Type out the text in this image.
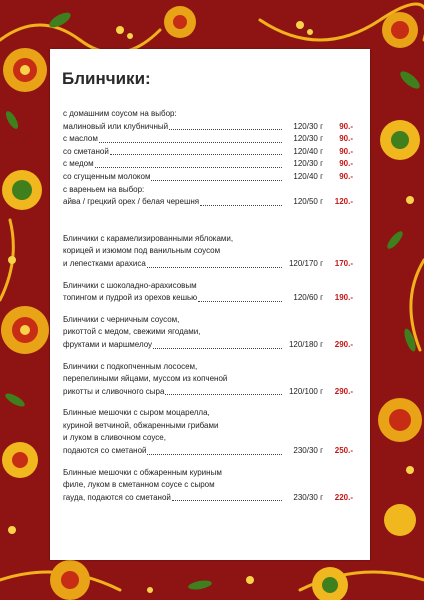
Блинчики:
с домашним соусом на выбор:
малиновый или клубничный	120/30 г	90.-
с маслом	120/30 г	90.-
со сметаной	120/40 г	90.-
с медом	120/30 г	90.-
со сгущенным молоком	120/40 г	90.-
с вареньем на выбор:
айва / грецкий орех / белая черешня	120/50 г	120.-
Блинчики с карамелизированными яблоками,
корицей и изюмом под ванильным соусом
и лепестками арахиса	120/170 г	170.-
Блинчики с шоколадно-арахисовым
топингом и пудрой из орехов кешью	120/60 г	190.-
Блинчики с черничным соусом,
рикоттой с медом, свежими ягодами,
фруктами и маршмелоу	120/180 г	290.-
Блинчики с подкопченным лососем,
перепелиными яйцами, муссом из копченой
рикотты и сливочного сыра	120/100 г	290.-
Блинные мешочки с сыром моцарелла,
куриной ветчиной, обжаренными грибами
и луком в сливочном соусе,
подаются со сметаной	230/30 г	250.-
Блинные мешочки с обжаренным куриным
филе, луком в сметанном соусе с сыром
гауда, подаются со сметаной	230/30 г	220.-
